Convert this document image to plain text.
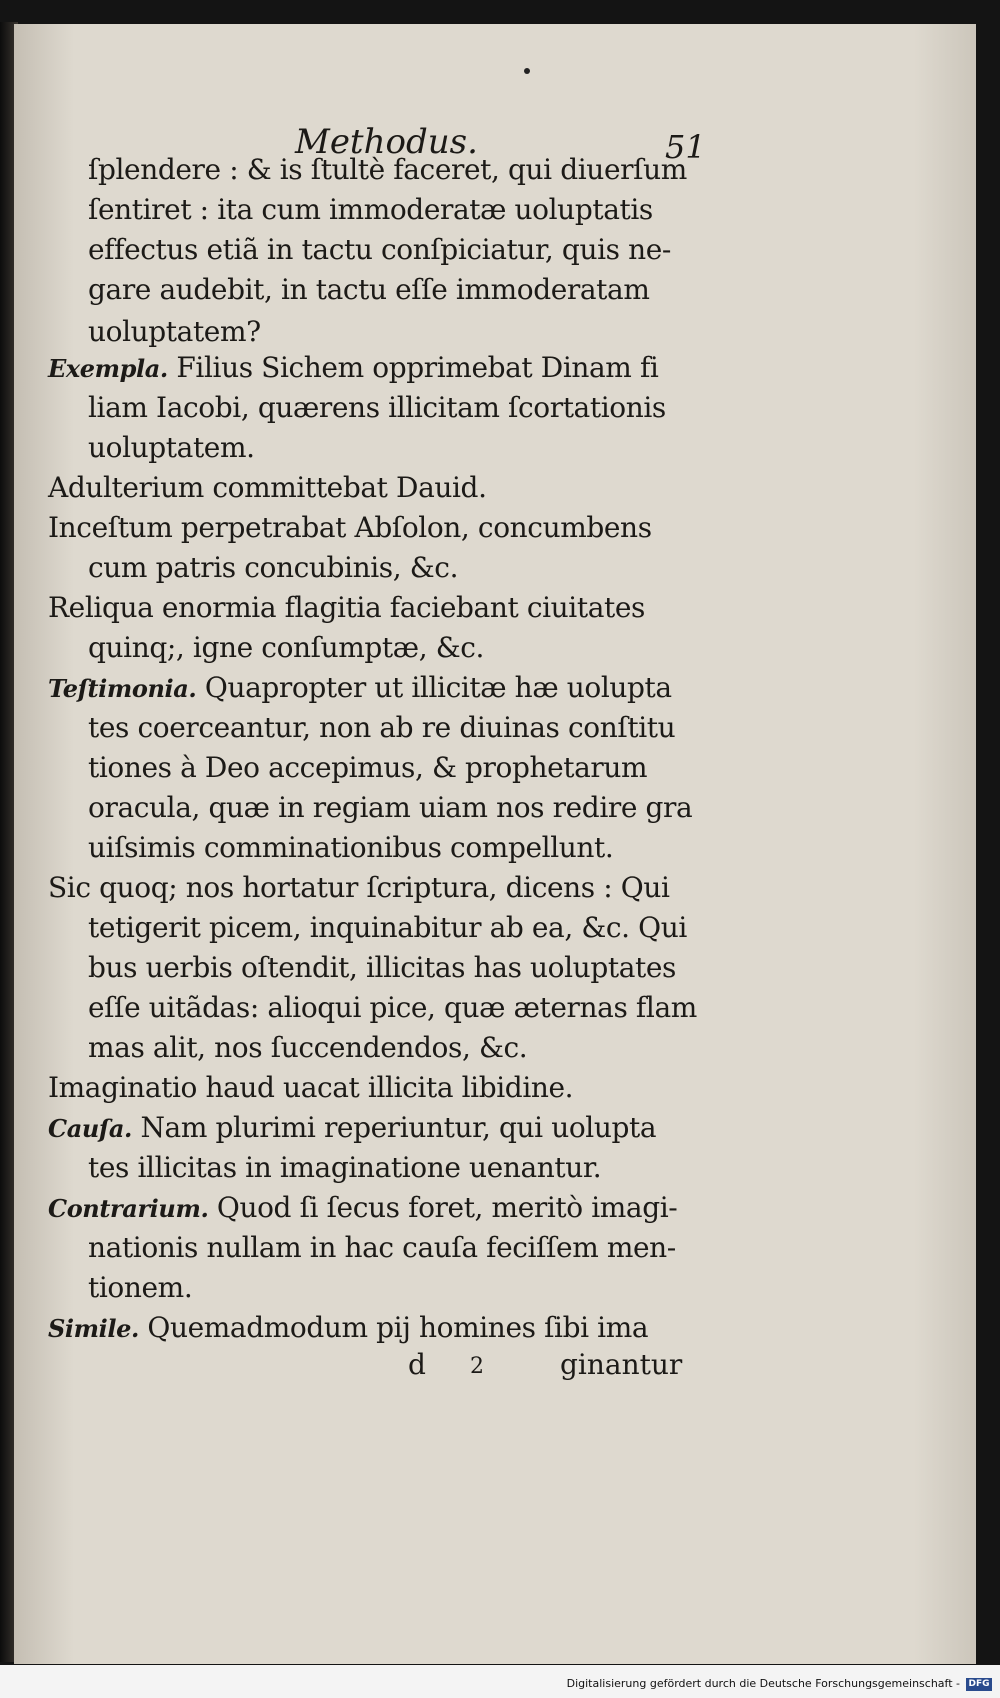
Methodus.	51
ſplendere : & is ſtultè faceret, qui diuerſum
ſentiret : ita cum immoderatæ uoluptatis
effectus etiã in tactu conſpiciatur, quis ne-
gare audebit, in tactu eſſe immoderatam
uoluptatem?
Exempla. Filius Sichem opprimebat Dinam fi
liam Iacobi, quærens illicitam ſcortationis
uoluptatem.
Adulterium committebat Dauid.
Inceſtum perpetrabat Abſolon, concumbens
cum patris concubinis, &c.
Reliqua enormia flagitia faciebant ciuitates
quinq;, igne conſumptæ, &c.
Teſtimonia. Quapropter ut illicitæ hæ uolupta
tes coerceantur, non ab re diuinas conſtitu
tiones à Deo accepimus, & prophetarum
oracula, quæ in regiam uiam nos redire gra
uiſsimis comminationibus compellunt.
Sic quoq; nos hortatur ſcriptura, dicens : Qui
tetigerit picem, inquinabitur ab ea, &c. Qui
bus uerbis oſtendit, illicitas has uoluptates
eſſe uitãdas: alioqui pice, quæ æternas flam
mas alit, nos ſuccendendos, &c.
Imaginatio haud uacat illicita libidine.
Cauſa. Nam plurimi reperiuntur, qui uolupta
tes illicitas in imaginatione uenantur.
Contrarium. Quod ſi ſecus foret, meritò imagi-
nationis nullam in hac cauſa feciſſem men-
tionem.
Simile. Quemadmodum pij homines ſibi ima
d 2	ginantur
Digitalisierung gefördert durch die Deutsche Forschungsgemeinschaft - DFG
